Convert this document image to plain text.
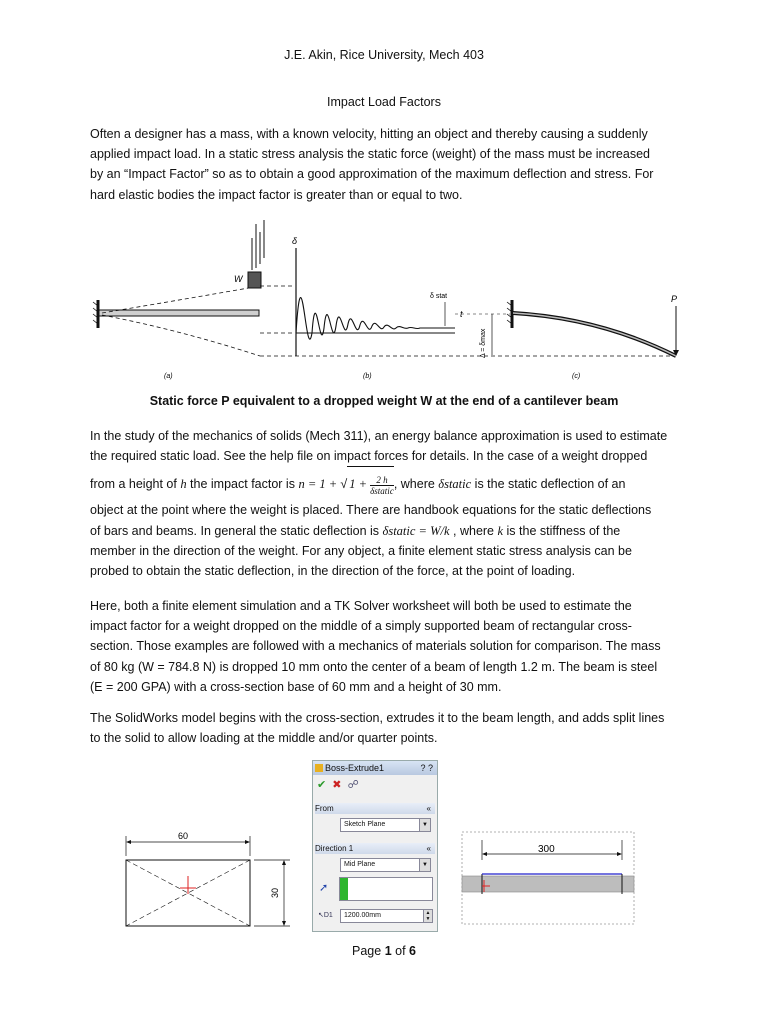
J.E. Akin, Rice University, Mech 403
Impact Load Factors
Often a designer has a mass, with a known velocity, hitting an object and thereby causing a suddenly
applied impact load. In a static stress analysis the static force (weight) of the mass must be increased
by an “Impact Factor” so as to obtain a good approximation of the maximum deflection and stress. For
hard elastic bodies the impact factor is greater than or equal to two.
W
δ
t
δ stat	P
Δ = δmax
(a)	(b)	(c)
Static force P equivalent to a dropped weight W at the end of a cantilever beam
In the study of the mechanics of solids (Mech 311), an energy balance approximation is used to estimate
the required static load. See the help file on impact forces for details. In the case of a weight dropped
from a height of h the impact factor is n = 1 + √ $1 + \frac{2 h}{\text{δstatic}}$ , where δstatic is the static deflection of an
object at the point where the weight is placed. There are handbook equations for the static deflections
of bars and beams. In general the static deflection is δstatic = W/k , where k is the stiffness of the
member in the direction of the weight. For any object, a finite element static stress analysis can be
probed to obtain the static deflection, in the direction of the force, at the point of loading.
Here, both a finite element simulation and a TK Solver worksheet will both be used to estimate the
impact factor for a weight dropped on the middle of a simply supported beam of rectangular cross-
section. Those examples are followed with a mechanics of materials solution for comparison. The mass
of 80 kg (W = 784.8 N) is dropped 10 mm onto the center of a beam of length 1.2 m. The beam is steel
(E = 200 GPA) with a cross-section base of 60 mm and a height of 30 mm.
The SolidWorks model begins with the cross-section, extrudes it to the beam length, and adds split lines
to the solid to allow loading at the middle and/or quarter points.
60
30
Boss-Extrude1	? ?
✔ ✖ ☍
From	«
Sketch Plane	▼
Direction 1	«
Mid Plane	▼
➚
↖D1	1200.00mm	▲
▼
300
Page 1 of 6
